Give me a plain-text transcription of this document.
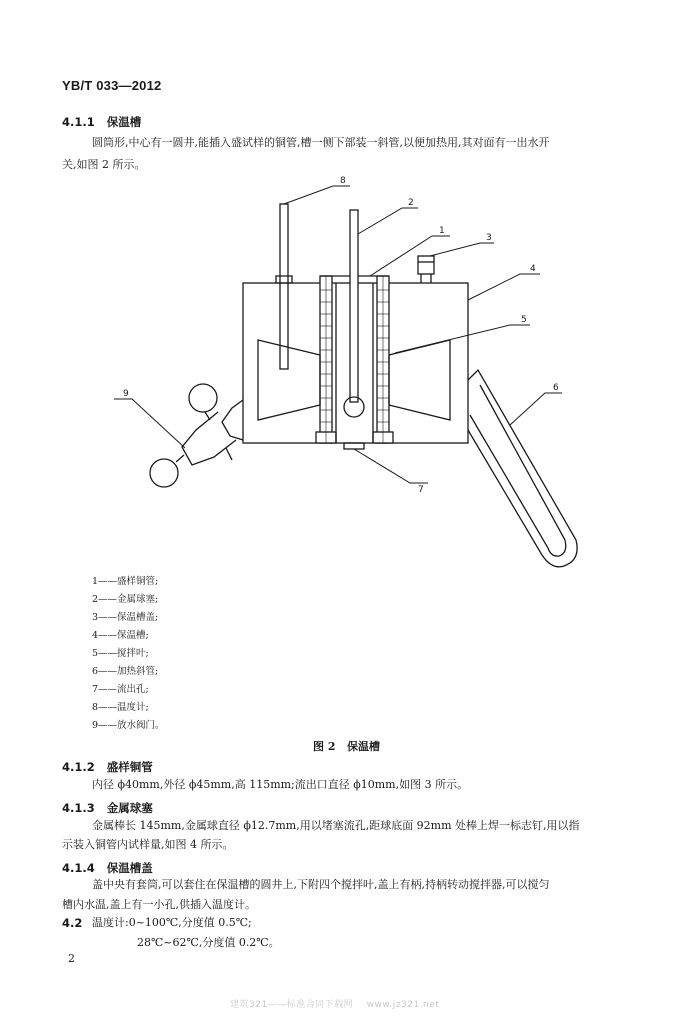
YB/T 033—2012
4.1.1 保温槽
圆筒形,中心有一圆井,能插入盛试样的铜管,槽一侧下部装一斜管,以便加热用,其对面有一出水开
关,如图 2 所示。
8
2
1
3
4
5
6
9
7
1——盛样铜管;
2——金属球塞;
3——保温槽盖;
4——保温槽;
5——搅拌叶;
6——加热斜管;
7——流出孔;
8——温度计;
9——放水阀门。
图 2   保温槽
4.1.2 盛样铜管
内径 ϕ40mm,外径 ϕ45mm,高 115mm;流出口直径 ϕ10mm,如图 3 所示。
4.1.3 金属球塞
金属棒长 145mm,金属球直径 ϕ12.7mm,用以堵塞流孔,距球底面 92mm 处棒上焊一标志钉,用以指
示装入铜管内试样量,如图 4 所示。
4.1.4 保温槽盖
盖中央有套筒,可以套住在保温槽的圆井上,下附四个搅拌叶,盖上有柄,持柄转动搅拌器,可以搅匀
槽内水温,盖上有一小孔,供插入温度计。
4.2 温度计:0~100℃,分度值 0.5℃;
28℃~62℃,分度值 0.2℃。
2
建筑321——标准合同下载网    www.jz321.net
